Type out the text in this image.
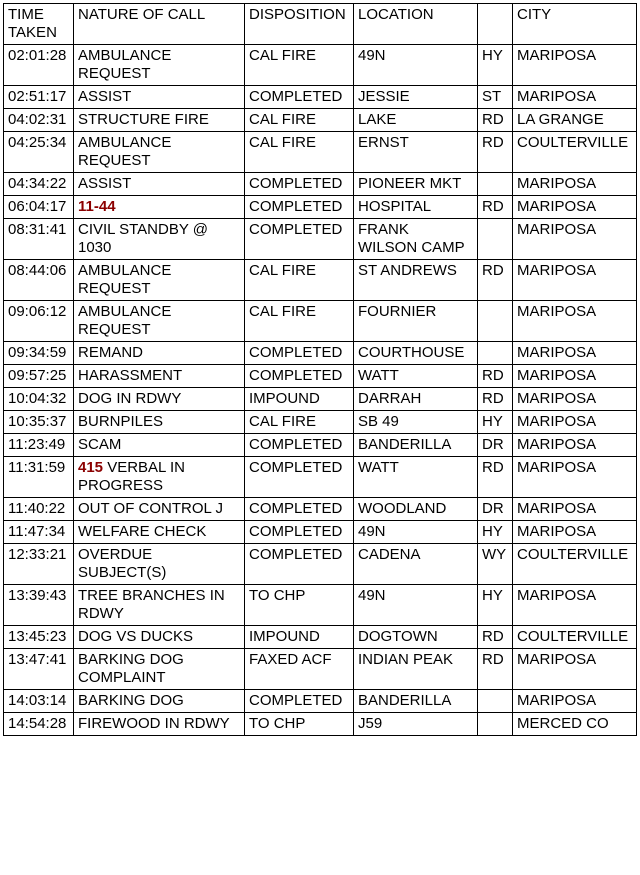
TIME
TAKEN	NATURE OF CALL	DISPOSITION	LOCATION		CITY
02:01:28	AMBULANCE
REQUEST	CAL FIRE	49N	HY	MARIPOSA
02:51:17	ASSIST	COMPLETED	JESSIE	ST	MARIPOSA
04:02:31	STRUCTURE FIRE	CAL FIRE	LAKE	RD	LA GRANGE
04:25:34	AMBULANCE
REQUEST	CAL FIRE	ERNST	RD	COULTERVILLE
04:34:22	ASSIST	COMPLETED	PIONEER MKT		MARIPOSA
06:04:17	11-44	COMPLETED	HOSPITAL	RD	MARIPOSA
08:31:41	CIVIL STANDBY @
1030	COMPLETED	FRANK
WILSON CAMP		MARIPOSA
08:44:06	AMBULANCE
REQUEST	CAL FIRE	ST ANDREWS	RD	MARIPOSA
09:06:12	AMBULANCE
REQUEST	CAL FIRE	FOURNIER		MARIPOSA
09:34:59	REMAND	COMPLETED	COURTHOUSE		MARIPOSA
09:57:25	HARASSMENT	COMPLETED	WATT	RD	MARIPOSA
10:04:32	DOG IN RDWY	IMPOUND	DARRAH	RD	MARIPOSA
10:35:37	BURNPILES	CAL FIRE	SB 49	HY	MARIPOSA
11:23:49	SCAM	COMPLETED	BANDERILLA	DR	MARIPOSA
11:31:59	415 VERBAL IN
PROGRESS	COMPLETED	WATT	RD	MARIPOSA
11:40:22	OUT OF CONTROL J	COMPLETED	WOODLAND	DR	MARIPOSA
11:47:34	WELFARE CHECK	COMPLETED	49N	HY	MARIPOSA
12:33:21	OVERDUE
SUBJECT(S)	COMPLETED	CADENA	WY	COULTERVILLE
13:39:43	TREE BRANCHES IN
RDWY	TO CHP	49N	HY	MARIPOSA
13:45:23	DOG VS DUCKS	IMPOUND	DOGTOWN	RD	COULTERVILLE
13:47:41	BARKING DOG
COMPLAINT	FAXED ACF	INDIAN PEAK	RD	MARIPOSA
14:03:14	BARKING DOG	COMPLETED	BANDERILLA		MARIPOSA
14:54:28	FIREWOOD IN RDWY	TO CHP	J59		MERCED CO
